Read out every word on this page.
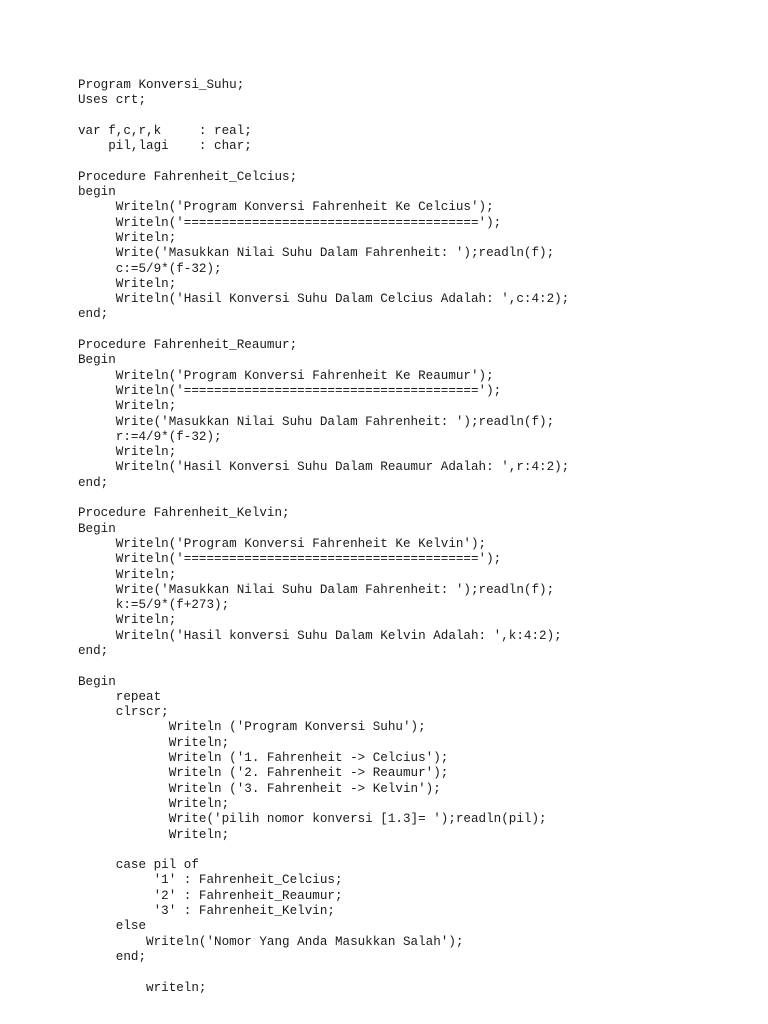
Program Konversi_Suhu;
Uses crt;
var f,c,r,k     : real;
pil,lagi    : char;
Procedure Fahrenheit_Celcius;
begin
Writeln('Program Konversi Fahrenheit Ke Celcius');
Writeln('=======================================');
Writeln;
Write('Masukkan Nilai Suhu Dalam Fahrenheit: ');readln(f);
c:=5/9*(f-32);
Writeln;
Writeln('Hasil Konversi Suhu Dalam Celcius Adalah: ',c:4:2);
end;
Procedure Fahrenheit_Reaumur;
Begin
Writeln('Program Konversi Fahrenheit Ke Reaumur');
Writeln('=======================================');
Writeln;
Write('Masukkan Nilai Suhu Dalam Fahrenheit: ');readln(f);
r:=4/9*(f-32);
Writeln;
Writeln('Hasil Konversi Suhu Dalam Reaumur Adalah: ',r:4:2);
end;
Procedure Fahrenheit_Kelvin;
Begin
Writeln('Program Konversi Fahrenheit Ke Kelvin');
Writeln('=======================================');
Writeln;
Write('Masukkan Nilai Suhu Dalam Fahrenheit: ');readln(f);
k:=5/9*(f+273);
Writeln;
Writeln('Hasil konversi Suhu Dalam Kelvin Adalah: ',k:4:2);
end;
Begin
repeat
clrscr;
Writeln ('Program Konversi Suhu');
Writeln;
Writeln ('1. Fahrenheit -> Celcius');
Writeln ('2. Fahrenheit -> Reaumur');
Writeln ('3. Fahrenheit -> Kelvin');
Writeln;
Write('pilih nomor konversi [1.3]= ');readln(pil);
Writeln;
case pil of
'1' : Fahrenheit_Celcius;
'2' : Fahrenheit_Reaumur;
'3' : Fahrenheit_Kelvin;
else
Writeln('Nomor Yang Anda Masukkan Salah');
end;
writeln;
